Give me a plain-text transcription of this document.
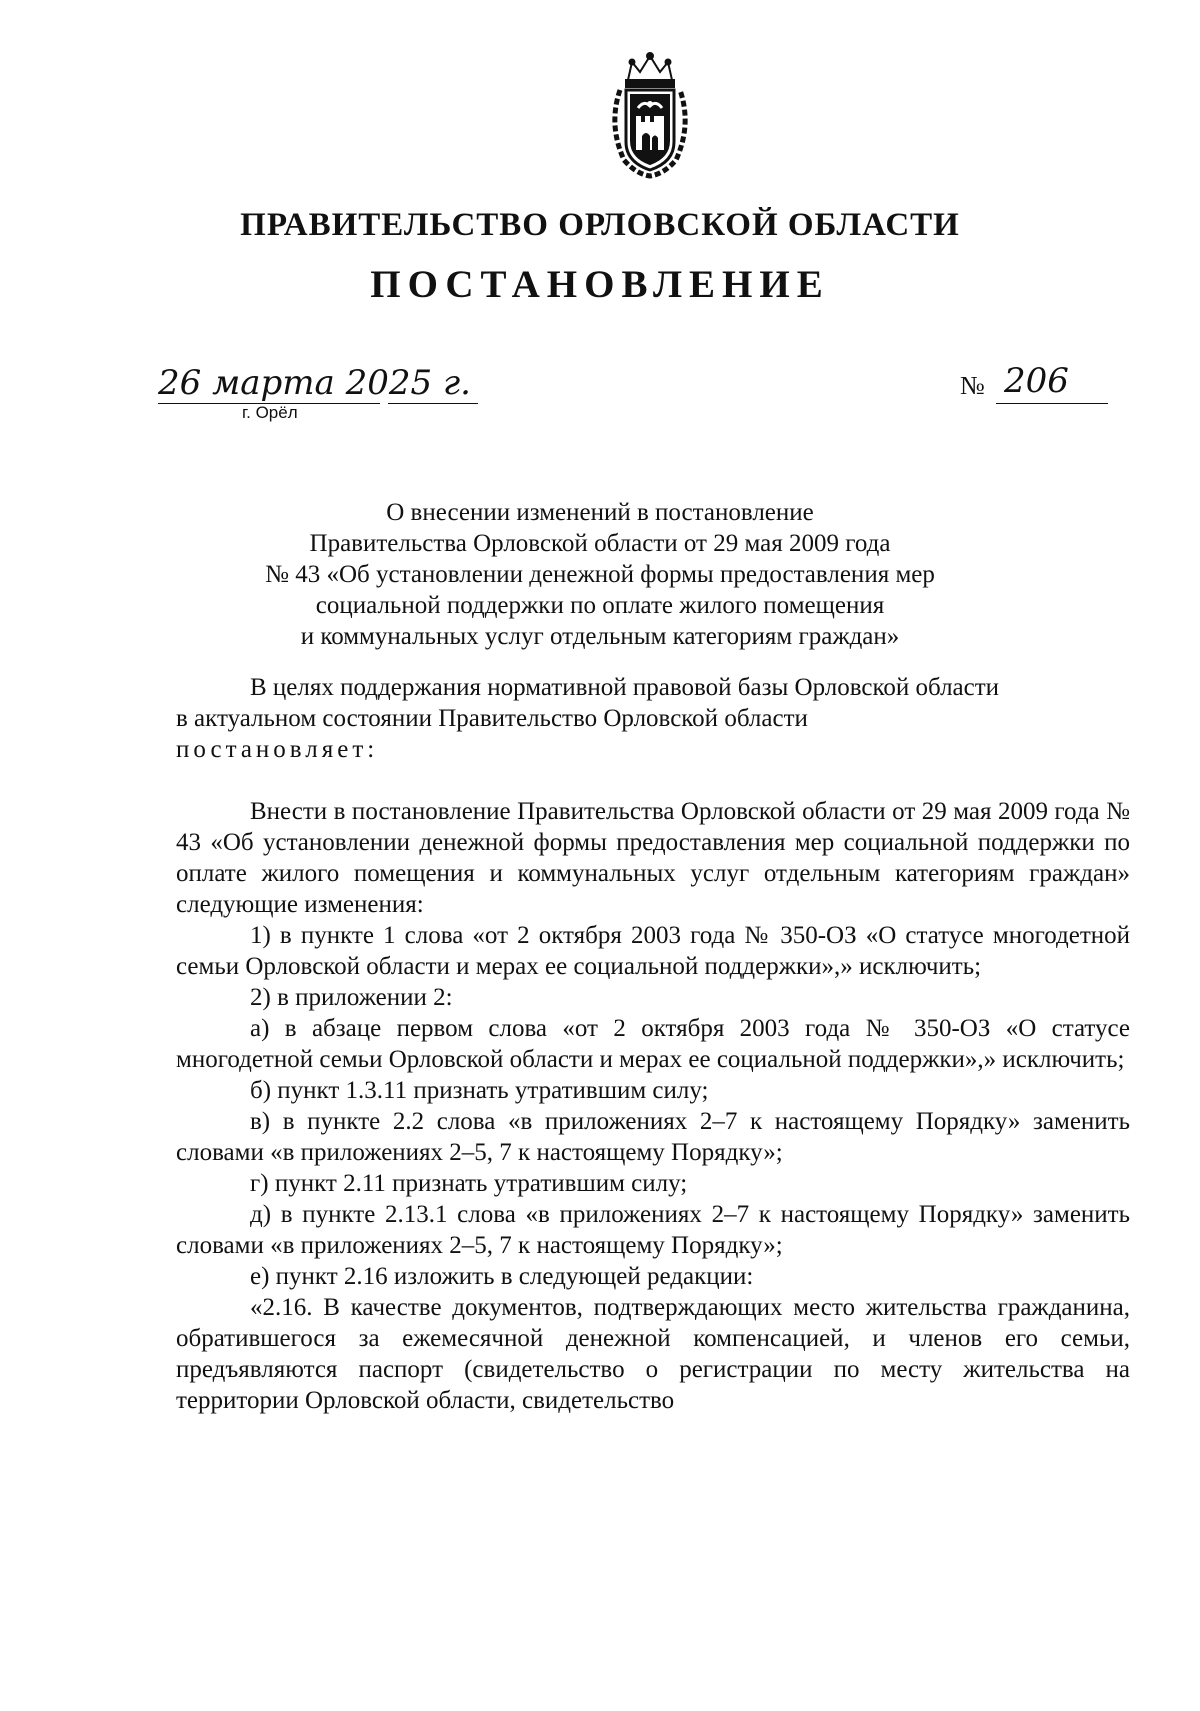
ПРАВИТЕЛЬСТВО ОРЛОВСКОЙ ОБЛАСТИ
ПОСТАНОВЛЕНИЕ
26 марта 2025 г.
г. Орёл
№ 206
О внесении изменений в постановление
Правительства Орловской области от 29 мая 2009 года
№ 43 «Об установлении денежной формы предоставления мер
социальной поддержки по оплате жилого помещения
и коммунальных услуг отдельным категориям граждан»

В целях поддержания нормативной правовой базы Орловской области

в актуальном состоянии Правительство Орловской области

постановляет:

Внести в постановление Правительства Орловской области от 29 мая 2009 года № 43 «Об установлении денежной формы предоставления мер социальной поддержки по оплате жилого помещения и коммунальных услуг отдельным категориям граждан» следующие изменения:

1) в пункте 1 слова «от 2 октября 2003 года № 350-ОЗ «О статусе многодетной семьи Орловской области и мерах ее социальной поддержки»,» исключить;

2) в приложении 2:

а) в абзаце первом слова «от 2 октября 2003 года № 350-ОЗ «О статусе многодетной семьи Орловской области и мерах ее социальной поддержки»,» исключить;

б) пункт 1.3.11 признать утратившим силу;

в) в пункте 2.2 слова «в приложениях 2–7 к настоящему Порядку» заменить словами «в приложениях 2–5, 7 к настоящему Порядку»;

г) пункт 2.11 признать утратившим силу;

д) в пункте 2.13.1 слова «в приложениях 2–7 к настоящему Порядку» заменить словами «в приложениях 2–5, 7 к настоящему Порядку»;

е) пункт 2.16 изложить в следующей редакции:

«2.16. В качестве документов, подтверждающих место жительства гражданина, обратившегося за ежемесячной денежной компенсацией, и членов его семьи, предъявляются паспорт (свидетельство о регистрации по месту жительства на территории Орловской области, свидетельство
